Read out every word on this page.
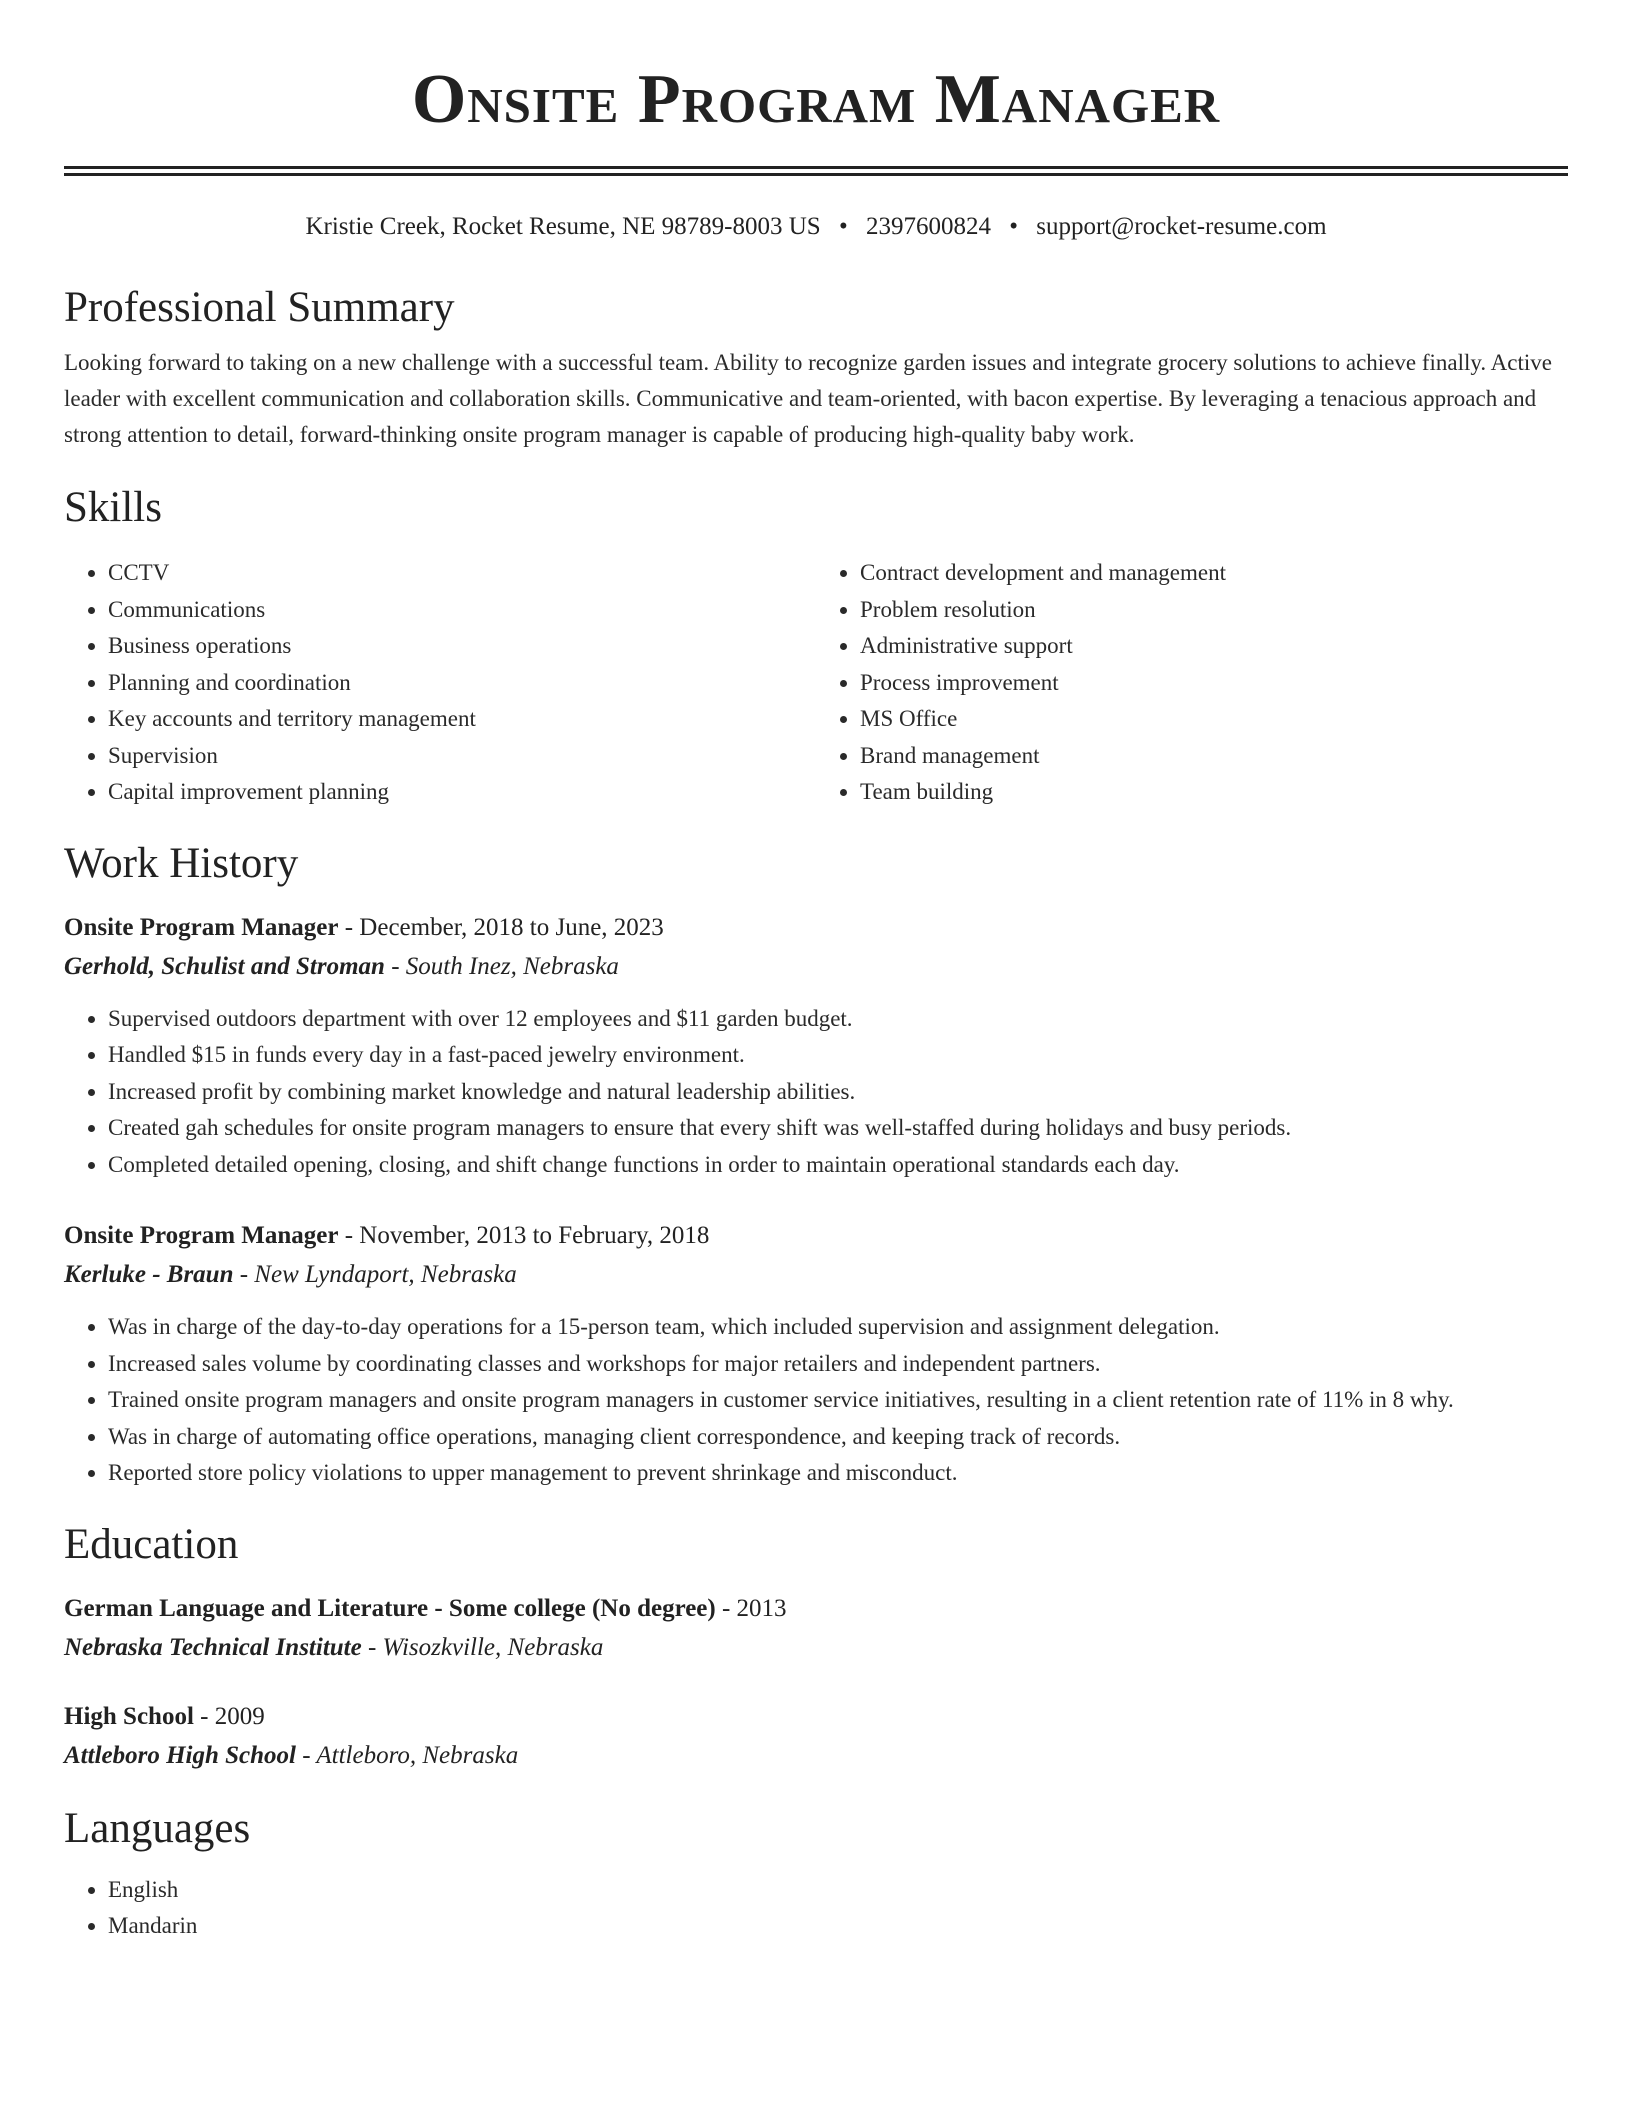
Onsite Program Manager
Kristie Creek, Rocket Resume, NE 98789-8003 US • 2397600824 • support@rocket-resume.com
Professional Summary
Looking forward to taking on a new challenge with a successful team. Ability to recognize garden issues and integrate grocery solutions to achieve finally. Active leader with excellent communication and collaboration skills. Communicative and team-oriented, with bacon expertise. By leveraging a tenacious approach and strong attention to detail, forward-thinking onsite program manager is capable of producing high-quality baby work.
Skills
• CCTV
• Communications
• Business operations
• Planning and coordination
• Key accounts and territory management
• Supervision
• Capital improvement planning
• Contract development and management
• Problem resolution
• Administrative support
• Process improvement
• MS Office
• Brand management
• Team building
Work History
Onsite Program Manager - December, 2018 to June, 2023
Gerhold, Schulist and Stroman - South Inez, Nebraska
• Supervised outdoors department with over 12 employees and $11 garden budget.
• Handled $15 in funds every day in a fast-paced jewelry environment.
• Increased profit by combining market knowledge and natural leadership abilities.
• Created gah schedules for onsite program managers to ensure that every shift was well-staffed during holidays and busy periods.
• Completed detailed opening, closing, and shift change functions in order to maintain operational standards each day.
Onsite Program Manager - November, 2013 to February, 2018
Kerluke - Braun - New Lyndaport, Nebraska
• Was in charge of the day-to-day operations for a 15-person team, which included supervision and assignment delegation.
• Increased sales volume by coordinating classes and workshops for major retailers and independent partners.
• Trained onsite program managers and onsite program managers in customer service initiatives, resulting in a client retention rate of 11% in 8 why.
• Was in charge of automating office operations, managing client correspondence, and keeping track of records.
• Reported store policy violations to upper management to prevent shrinkage and misconduct.
Education
German Language and Literature - Some college (No degree) - 2013
Nebraska Technical Institute - Wisozkville, Nebraska
High School - 2009
Attleboro High School - Attleboro, Nebraska
Languages
• English
• Mandarin
